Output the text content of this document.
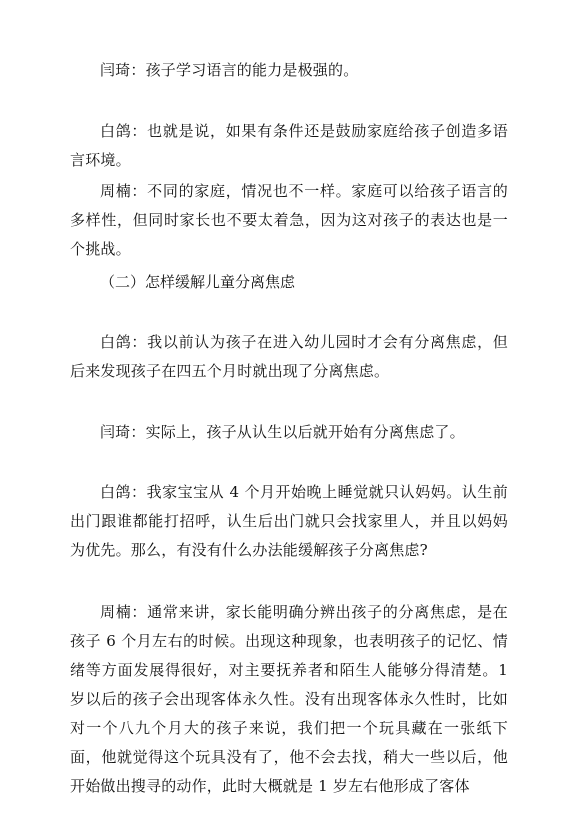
闫琦：孩子学习语言的能力是极强的。

白鸽：也就是说，如果有条件还是鼓励家庭给孩子创造多语言环境。

周楠：不同的家庭，情况也不一样。家庭可以给孩子语言的多样性，但同时家长也不要太着急，因为这对孩子的表达也是一个挑战。

（二）怎样缓解儿童分离焦虑

白鸽：我以前认为孩子在进入幼儿园时才会有分离焦虑，但后来发现孩子在四五个月时就出现了分离焦虑。

闫琦：实际上，孩子从认生以后就开始有分离焦虑了。

白鸽：我家宝宝从 4 个月开始晚上睡觉就只认妈妈。认生前出门跟谁都能打招呼，认生后出门就只会找家里人，并且以妈妈为优先。那么，有没有什么办法能缓解孩子分离焦虑?

周楠：通常来讲，家长能明确分辨出孩子的分离焦虑，是在孩子 6 个月左右的时候。出现这种现象，也表明孩子的记忆、情绪等方面发展得很好，对主要抚养者和陌生人能够分得清楚。1 岁以后的孩子会出现客体永久性。没有出现客体永久性时，比如对一个八九个月大的孩子来说，我们把一个玩具藏在一张纸下面，他就觉得这个玩具没有了，他不会去找，稍大一些以后，他开始做出搜寻的动作，此时大概就是 1 岁左右他形成了客体
